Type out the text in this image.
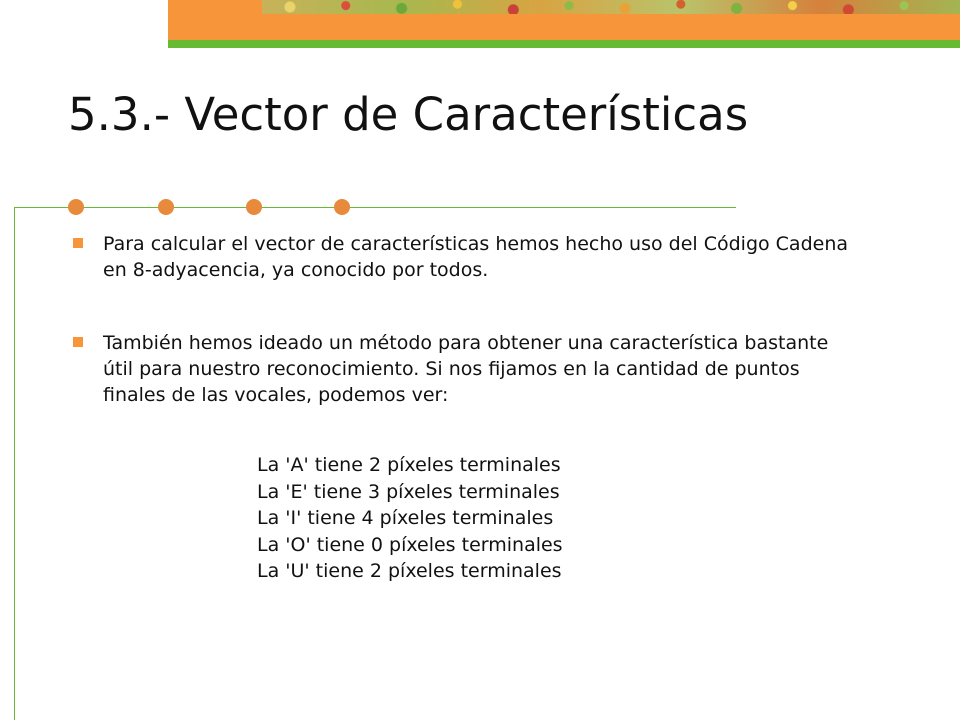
5.3.- Vector de Características

Para calcular el vector de características hemos hecho uso del Código Cadena en 8-adyacencia, ya conocido por todos.

También hemos ideado un método para obtener una característica bastante útil para nuestro reconocimiento. Si nos fijamos en la cantidad de puntos finales de las vocales, podemos ver:

La 'A' tiene 2 píxeles terminales
La 'E' tiene 3 píxeles terminales
La 'I' tiene 4 píxeles terminales
La 'O' tiene 0 píxeles terminales
La 'U' tiene 2 píxeles terminales
